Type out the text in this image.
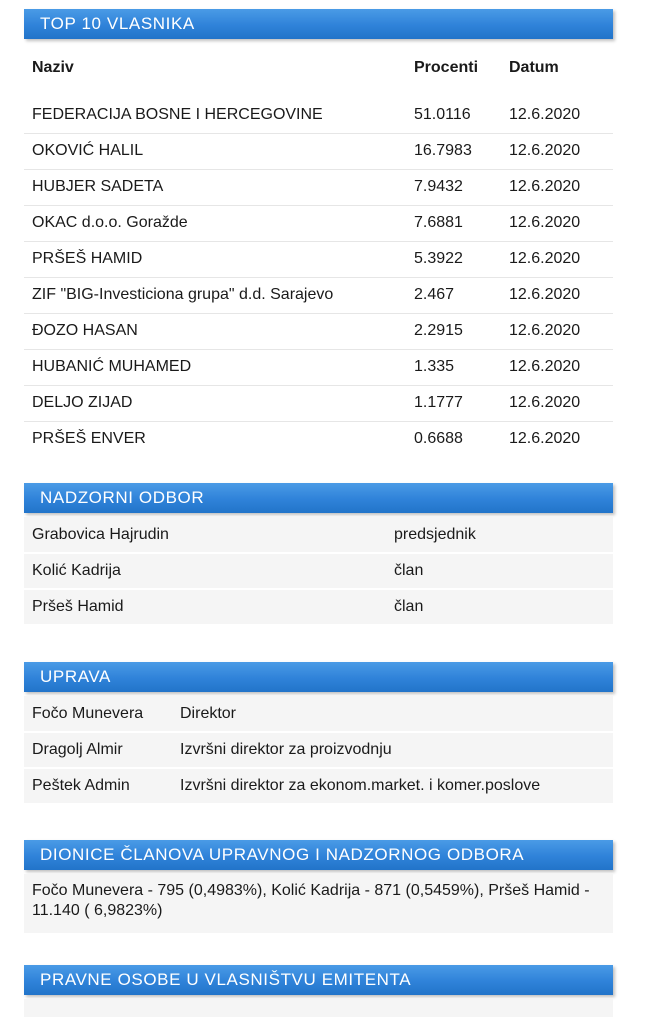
TOP 10 VLASNIKA
Naziv	Procenti	Datum

FEDERACIJA BOSNE I HERCEGOVINE	51.0116	12.6.2020
OKOVIĆ HALIL	16.7983	12.6.2020
HUBJER SADETA	7.9432	12.6.2020
OKAC d.o.o. Goražde	7.6881	12.6.2020
PRŠEŠ HAMID	5.3922	12.6.2020
ZIF "BIG-Investiciona grupa" d.d. Sarajevo	2.467	12.6.2020
ĐOZO HASAN	2.2915	12.6.2020
HUBANIĆ MUHAMED	1.335	12.6.2020
DELJO ZIJAD	1.1777	12.6.2020
PRŠEŠ ENVER	0.6688	12.6.2020
NADZORNI ODBOR
Grabovica Hajrudin	predsjednik
Kolić Kadrija	član
Pršeš Hamid	član
UPRAVA
Fočo Munevera	Direktor
Dragolj Almir	Izvršni direktor za proizvodnju
Peštek Admin	Izvršni direktor za ekonom.market. i komer.poslove
DIONICE ČLANOVA UPRAVNOG I NADZORNOG ODBORA
Fočo Munevera - 795 (0,4983%), Kolić Kadrija - 871 (0,5459%), Pršeš Hamid - 11.140 ( 6,9823%)
PRAVNE OSOBE U VLASNIŠTVU EMITENTA
